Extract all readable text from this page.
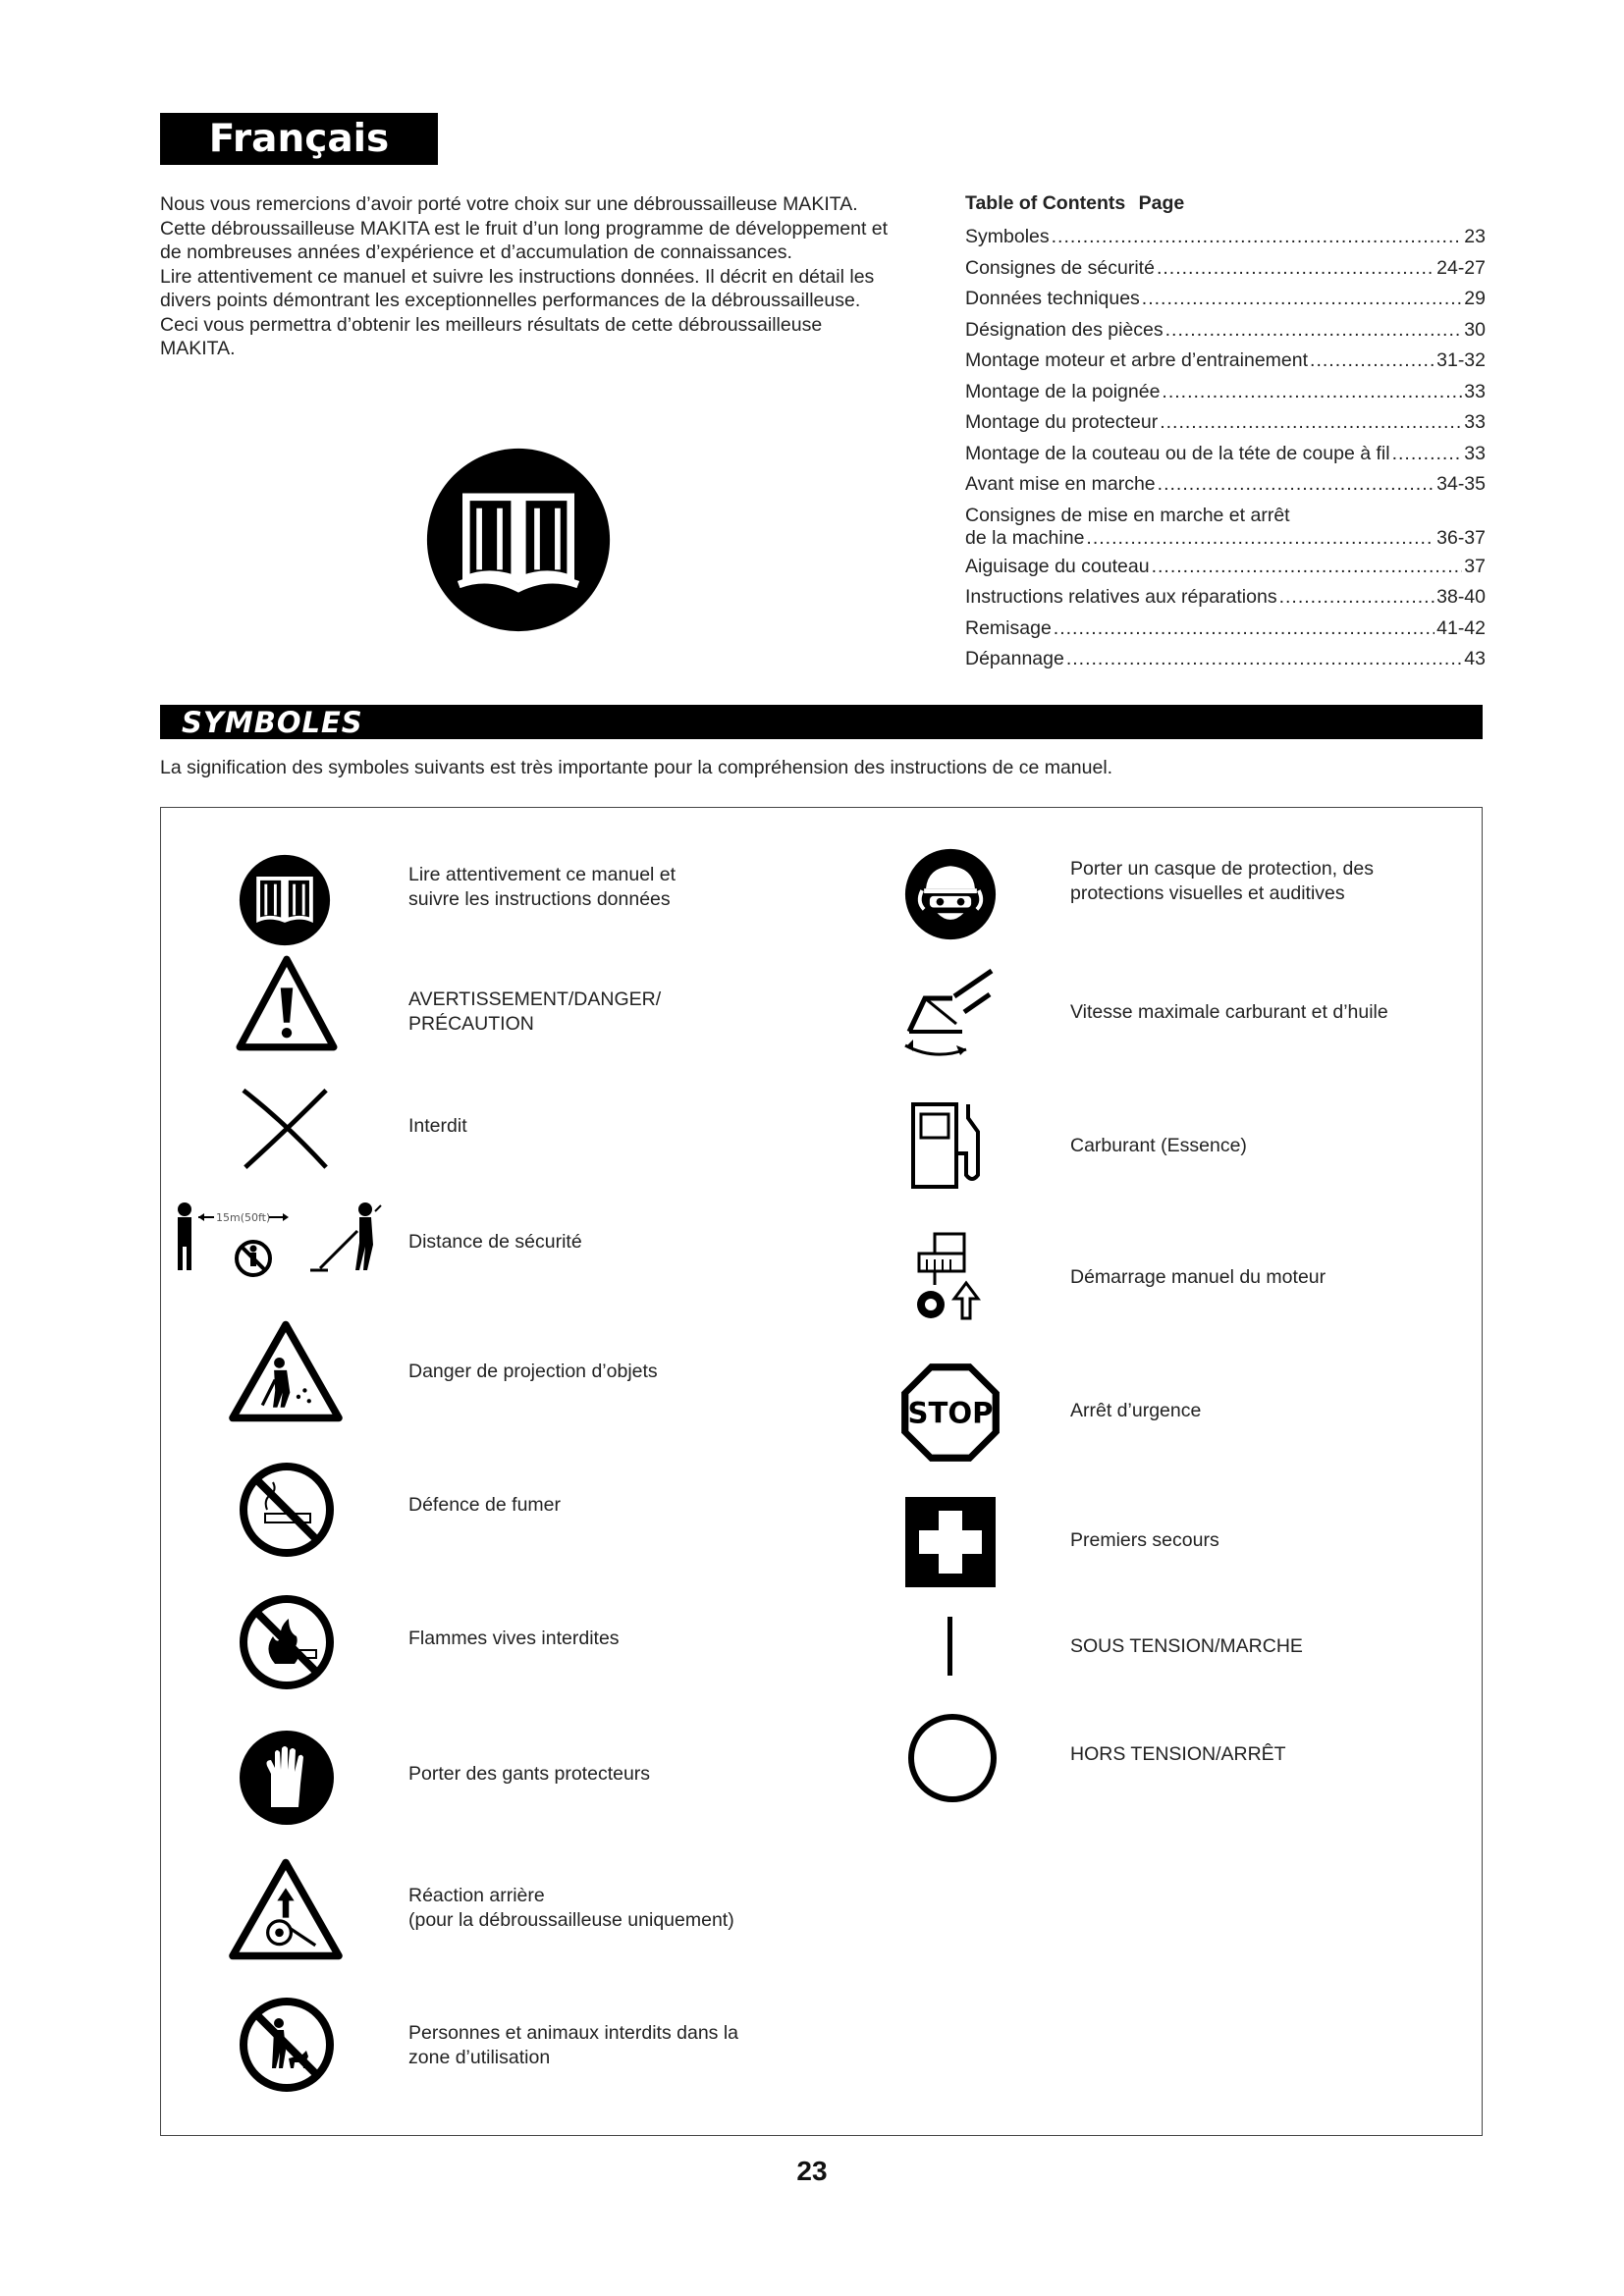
Français

Nous vous remercions d’avoir porté votre choix sur une débroussailleuse MAKITA. Cette débroussailleuse MAKITA est le fruit d’un long programme de développement et de nombreuses années d’expérience et d’accumulation de connaissances.

Lire attentivement ce manuel et suivre les instructions données. Il décrit en détail les divers points démontrant les exceptionnelles performances de la débroussailleuse. Ceci vous permettra d’obtenir les meilleurs résultats de cette débroussailleuse MAKITA.

Table of Contents Page
Symboles .....	23
Consignes de sécurité .....	24-27
Données techniques .....	29
Désignation des pièces .....	30
Montage moteur et arbre d’entrainement .....	31-32
Montage de la poignée .....	33
Montage du protecteur .....	33
Montage de la couteau ou de la téte de coupe à fil .....	33
Avant mise en marche .....	34-35
Consignes de mise en marche et arrêt
de la machine .....	36-37
Aiguisage du couteau .....	37
Instructions relatives aux réparations .....	38-40
Remisage .....	41-42
Dépannage .....	43
SYMBOLES
La signification des symboles suivants est très importante pour la compréhension des instructions de ce manuel.
Lire attentivement ce manuel et
suivre les instructions données
AVERTISSEMENT/DANGER/
PRÉCAUTION
Interdit
15m(50ft)
Distance de sécurité
Danger de projection d’objets
Défence de fumer
Flammes vives interdites
Porter des gants protecteurs
Réaction arrière
(pour la débroussailleuse uniquement)
Personnes et animaux interdits dans la
zone d’utilisation
Porter un casque de protection, des
protections visuelles et auditives
Vitesse maximale carburant et d’huile
Carburant (Essence)
Démarrage manuel du moteur
STOP	Arrêt d’urgence
Premiers secours
SOUS TENSION/MARCHE
HORS TENSION/ARRÊT
23
